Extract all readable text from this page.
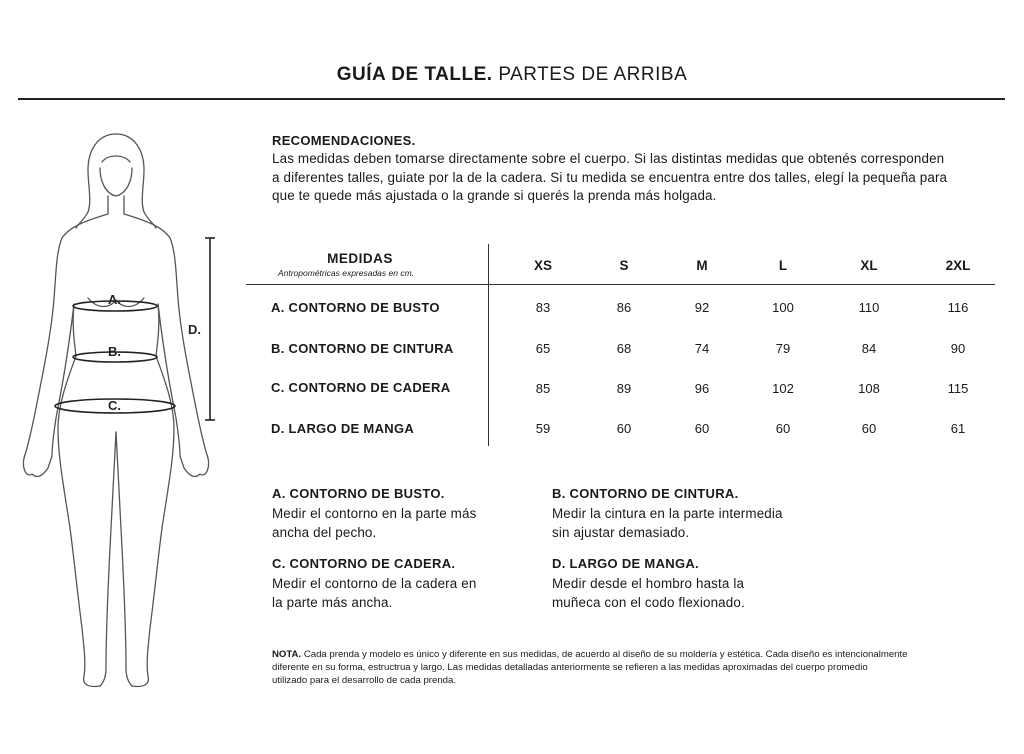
GUÍA DE TALLE. PARTES DE ARRIBA
A.
B.
C.
D.
RECOMENDACIONES.
Las medidas deben tomarse directamente sobre el cuerpo. Si las distintas medidas que obtenés corresponden
a diferentes talles, guiate por la de la cadera. Si tu medida se encuentra entre dos talles, elegí la pequeña para
que te quede más ajustada o la grande si querés la prenda más holgada.
MEDIDAS
Antropométricas expresadas en cm.	XS	S	M	L	XL	2XL
A. CONTORNO DE BUSTO	83	86	92	100	110	116
B. CONTORNO DE CINTURA	65	68	74	79	84	90
C. CONTORNO DE CADERA	85	89	96	102	108	115
D. LARGO DE MANGA	59	60	60	60	60	61
A. CONTORNO DE BUSTO.
Medir el contorno en la parte más
ancha del pecho.
B. CONTORNO DE CINTURA.
Medir la cintura en la parte intermedia
sin ajustar demasiado.
C. CONTORNO DE CADERA.
Medir el contorno de la cadera en
la parte más ancha.
D. LARGO DE MANGA.
Medir desde el hombro hasta la
muñeca con el codo flexionado.
NOTA. Cada prenda y modelo es único y diferente en sus medidas, de acuerdo al diseño de su moldería y estética. Cada diseño es intencionalmente
diferente en su forma, estructrua y largo. Las medidas detalladas anteriormente se refieren a las medidas aproximadas del cuerpo promedio
utilizado para el desarrollo de cada prenda.
